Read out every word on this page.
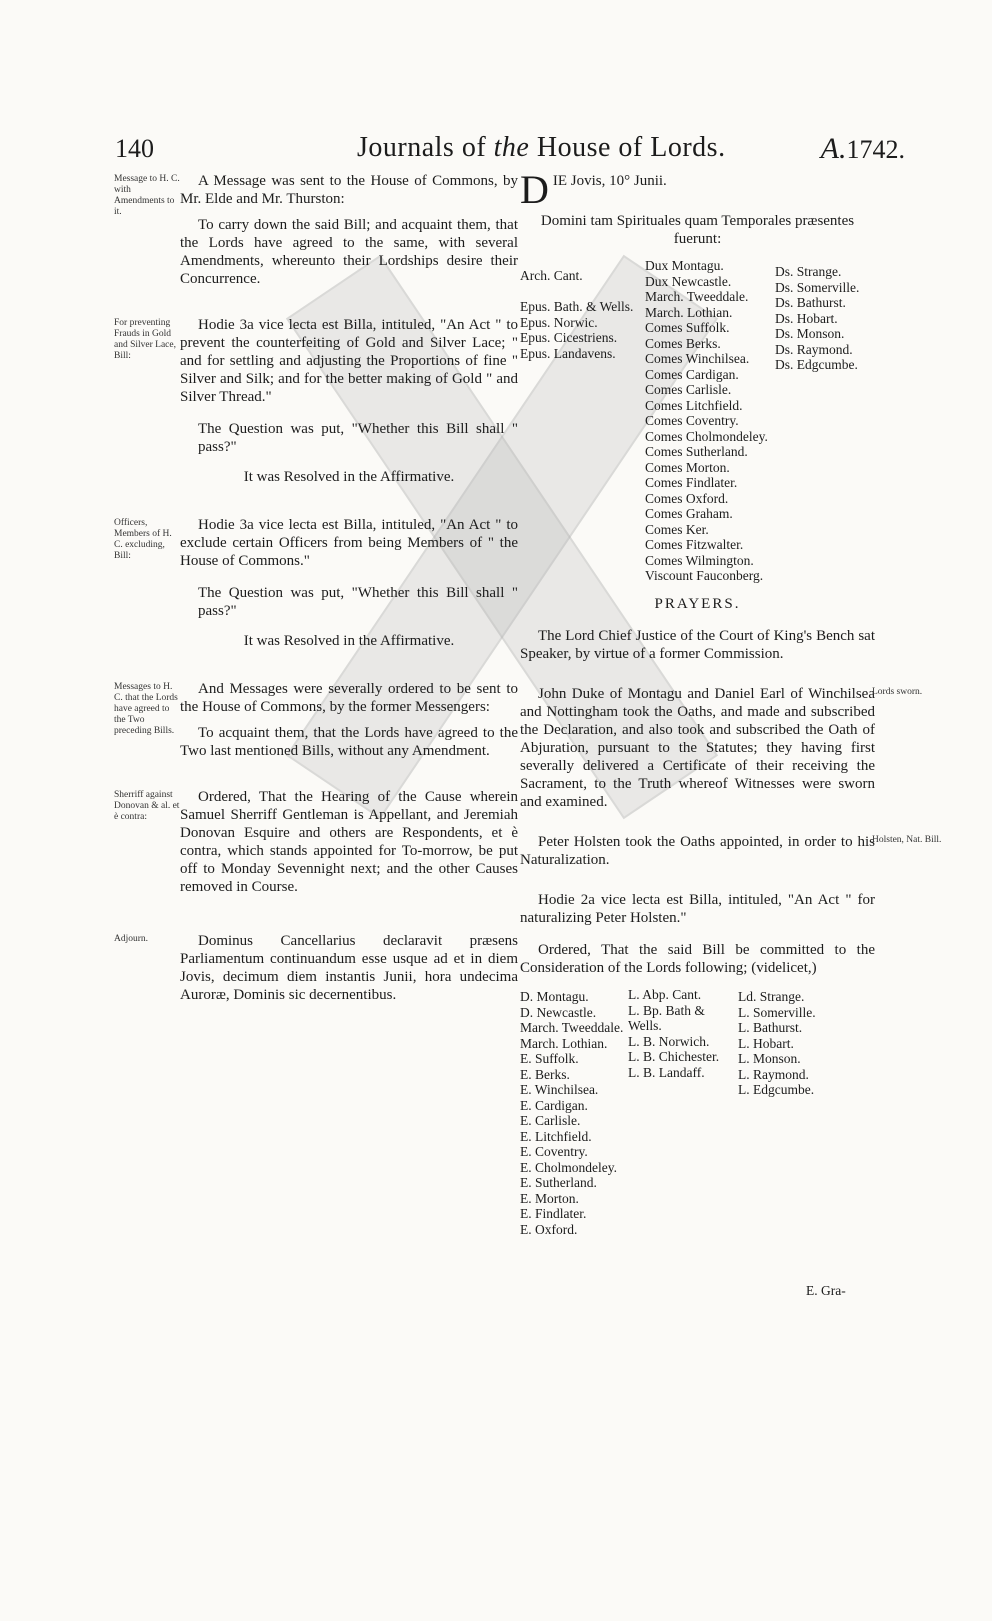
140	Journals of the House of Lords.	A.1742.
Message to H. C. with Amendments to it.

A Message was sent to the House of Commons, by Mr. Elde and Mr. Thurston:

To carry down the said Bill; and acquaint them, that the Lords have agreed to the same, with several Amendments, whereunto their Lordships desire their Concurrence.

For preventing Frauds in Gold and Silver Lace, Bill:

Hodie 3a vice lecta est Billa, intituled, "An Act " to prevent the counterfeiting of Gold and Silver Lace; " and for settling and adjusting the Proportions of fine " Silver and Silk; and for the better making of Gold " and Silver Thread."

The Question was put, "Whether this Bill shall " pass?"

It was Resolved in the Affirmative.

Officers, Members of H. C. excluding, Bill:

Hodie 3a vice lecta est Billa, intituled, "An Act " to exclude certain Officers from being Members of " the House of Commons."

The Question was put, "Whether this Bill shall " pass?"

It was Resolved in the Affirmative.

Messages to H. C. that the Lords have agreed to the Two preceding Bills.

And Messages were severally ordered to be sent to the House of Commons, by the former Messengers:

To acquaint them, that the Lords have agreed to the Two last mentioned Bills, without any Amendment.

Sherriff against Donovan & al. et è contra:

Ordered, That the Hearing of the Cause wherein Samuel Sherriff Gentleman is Appellant, and Jeremiah Donovan Esquire and others are Respondents, et è contra, which stands appointed for To-morrow, be put off to Monday Sevennight next; and the other Causes removed in Course.

Adjourn.	Dominus Cancellarius declaravit præsens Parliamentum continuandum esse usque ad et in diem Jovis, decimum diem instantis Junii, hora undecima Auroræ, Dominis sic decernentibus.

D IE Jovis, 10° Junii.

Domini tam Spirituales quam Temporales præsentes fuerunt:

Arch. Cant.

Epus. Bath. & Wells.
Epus. Norwic.
Epus. Cicestriens.
Epus. Landavens.
Dux Montagu.
Dux Newcastle.
March. Tweeddale.
March. Lothian.
Comes Suffolk.
Comes Berks.
Comes Winchilsea.
Comes Cardigan.
Comes Carlisle.
Comes Litchfield.
Comes Coventry.
Comes Cholmondeley.
Comes Sutherland.
Comes Morton.
Comes Findlater.
Comes Oxford.
Comes Graham.
Comes Ker.
Comes Fitzwalter.
Comes Wilmington.
Viscount Fauconberg.
Ds. Strange.
Ds. Somerville.
Ds. Bathurst.
Ds. Hobart.
Ds. Monson.
Ds. Raymond.
Ds. Edgcumbe.
PRAYERS.

The Lord Chief Justice of the Court of King's Bench sat Speaker, by virtue of a former Commission.

Lords sworn.

John Duke of Montagu and Daniel Earl of Winchilsea and Nottingham took the Oaths, and made and subscribed the Declaration, and also took and subscribed the Oath of Abjuration, pursuant to the Statutes; they having first severally delivered a Certificate of their receiving the Sacrament, to the Truth whereof Witnesses were sworn and examined.

Holsten, Nat. Bill.

Peter Holsten took the Oaths appointed, in order to his Naturalization.

Hodie 2a vice lecta est Billa, intituled, "An Act " for naturalizing Peter Holsten."

Ordered, That the said Bill be committed to the Consideration of the Lords following; (videlicet,)

D. Montagu.
D. Newcastle.
March. Tweeddale.
March. Lothian.
E. Suffolk.
E. Berks.
E. Winchilsea.
E. Cardigan.
E. Carlisle.
E. Litchfield.
E. Coventry.
E. Cholmondeley.
E. Sutherland.
E. Morton.
E. Findlater.
E. Oxford.
L. Abp. Cant.
L. Bp. Bath &
Wells.
L. B. Norwich.
L. B. Chichester.
L. B. Landaff.
Ld. Strange.
L. Somerville.
L. Bathurst.
L. Hobart.
L. Monson.
L. Raymond.
L. Edgcumbe.
E. Gra-
